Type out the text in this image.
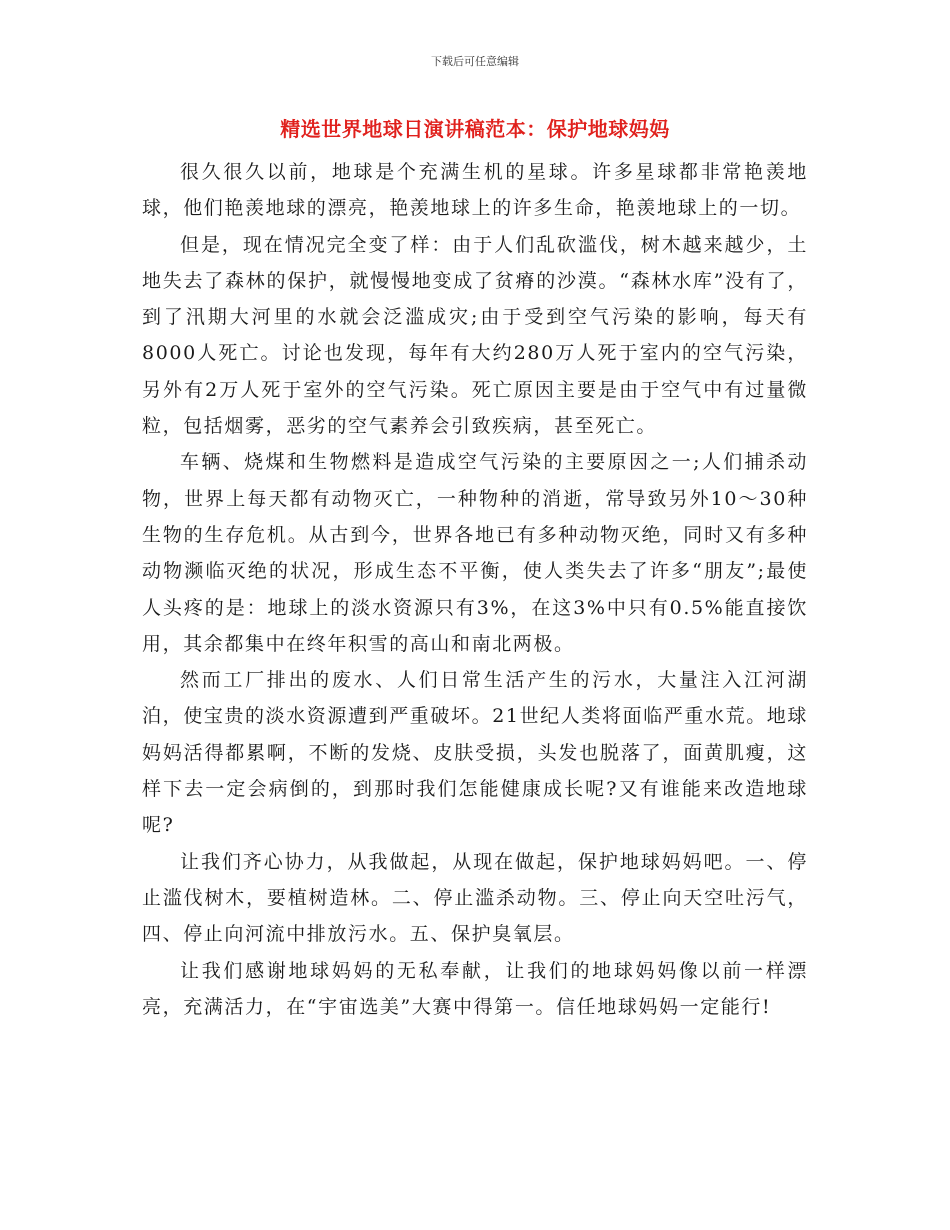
下载后可任意编辑
精选世界地球日演讲稿范本：保护地球妈妈

很久很久以前，地球是个充满生机的星球。许多星球都非常艳羡地球，他们艳羡地球的漂亮，艳羡地球上的许多生命，艳羡地球上的一切。

但是，现在情况完全变了样：由于人们乱砍滥伐，树木越来越少，土地失去了森林的保护，就慢慢地变成了贫瘠的沙漠。“森林水库”没有了，到了汛期大河里的水就会泛滥成灾;由于受到空气污染的影响，每天有8000人死亡。讨论也发现，每年有大约280万人死于室内的空气污染，另外有2万人死于室外的空气污染。死亡原因主要是由于空气中有过量微粒，包括烟雾，恶劣的空气素养会引致疾病，甚至死亡。

车辆、烧煤和生物燃料是造成空气污染的主要原因之一;人们捕杀动物，世界上每天都有动物灭亡，一种物种的消逝，常导致另外10～30种生物的生存危机。从古到今，世界各地已有多种动物灭绝，同时又有多种动物濒临灭绝的状况，形成生态不平衡，使人类失去了许多“朋友”;最使人头疼的是：地球上的淡水资源只有3%，在这3%中只有0.5%能直接饮用，其余都集中在终年积雪的高山和南北两极。

然而工厂排出的废水、人们日常生活产生的污水，大量注入江河湖泊，使宝贵的淡水资源遭到严重破坏。21世纪人类将面临严重水荒。地球妈妈活得都累啊，不断的发烧、皮肤受损，头发也脱落了，面黄肌瘦，这样下去一定会病倒的，到那时我们怎能健康成长呢?又有谁能来改造地球呢?

让我们齐心协力，从我做起，从现在做起，保护地球妈妈吧。一、停止滥伐树木，要植树造林。二、停止滥杀动物。三、停止向天空吐污气，四、停止向河流中排放污水。五、保护臭氧层。

让我们感谢地球妈妈的无私奉献，让我们的地球妈妈像以前一样漂亮，充满活力，在“宇宙选美”大赛中得第一。信任地球妈妈一定能行!
